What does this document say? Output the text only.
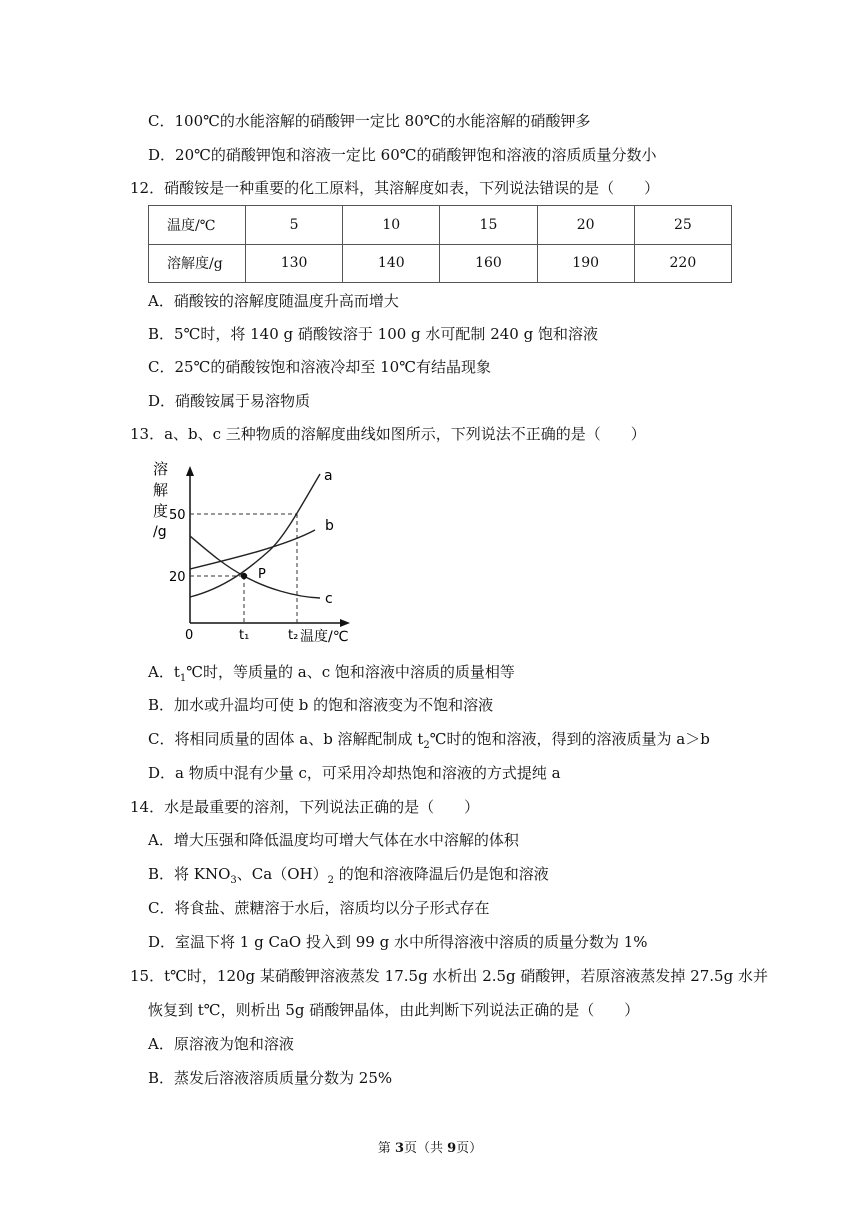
C．100℃的水能溶解的硝酸钾一定比 80℃的水能溶解的硝酸钾多
D．20℃的硝酸钾饱和溶液一定比 60℃的硝酸钾饱和溶液的溶质质量分数小
12．硝酸铵是一种重要的化工原料，其溶解度如表，下列说法错误的是（　　）
温度/℃	5	10	15	20	25
溶解度/g	130	140	160	190	220
A．硝酸铵的溶解度随温度升高而增大
B．5℃时，将 140 g 硝酸铵溶于 100 g 水可配制 240 g 饱和溶液
C．25℃的硝酸铵饱和溶液冷却至 10℃有结晶现象
D．硝酸铵属于易溶物质
13．a、b、c 三种物质的溶解度曲线如图所示，下列说法不正确的是（　　）
溶
解
度
/g
50
20
0	t₁	t₂ 温度/℃
a
b
c
P
A．$t_1℃$时，等质量的 a、c 饱和溶液中溶质的质量相等
B．加水或升温均可使 b 的饱和溶液变为不饱和溶液
C．将相同质量的固体 a、b 溶解配制成 $t_2℃$时的饱和溶液，得到的溶液质量为 a＞b
D．a 物质中混有少量 c，可采用冷却热饱和溶液的方式提纯 a
14．水是最重要的溶剂，下列说法正确的是（　　）
A．增大压强和降低温度均可增大气体在水中溶解的体积
B．将 $KNO_3$、$Ca(OH)_2$ 的饱和溶液降温后仍是饱和溶液
C．将食盐、蔗糖溶于水后，溶质均以分子形式存在
D．室温下将 1 g CaO 投入到 99 g 水中所得溶液中溶质的质量分数为 1%
15．t℃时，120g 某硝酸钾溶液蒸发 17.5g 水析出 2.5g 硝酸钾，若原溶液蒸发掉 27.5g 水并
恢复到 t℃，则析出 5g 硝酸钾晶体，由此判断下列说法正确的是（　　）
A．原溶液为饱和溶液
B．蒸发后溶液溶质质量分数为 25%
第 3页（共 9页）
